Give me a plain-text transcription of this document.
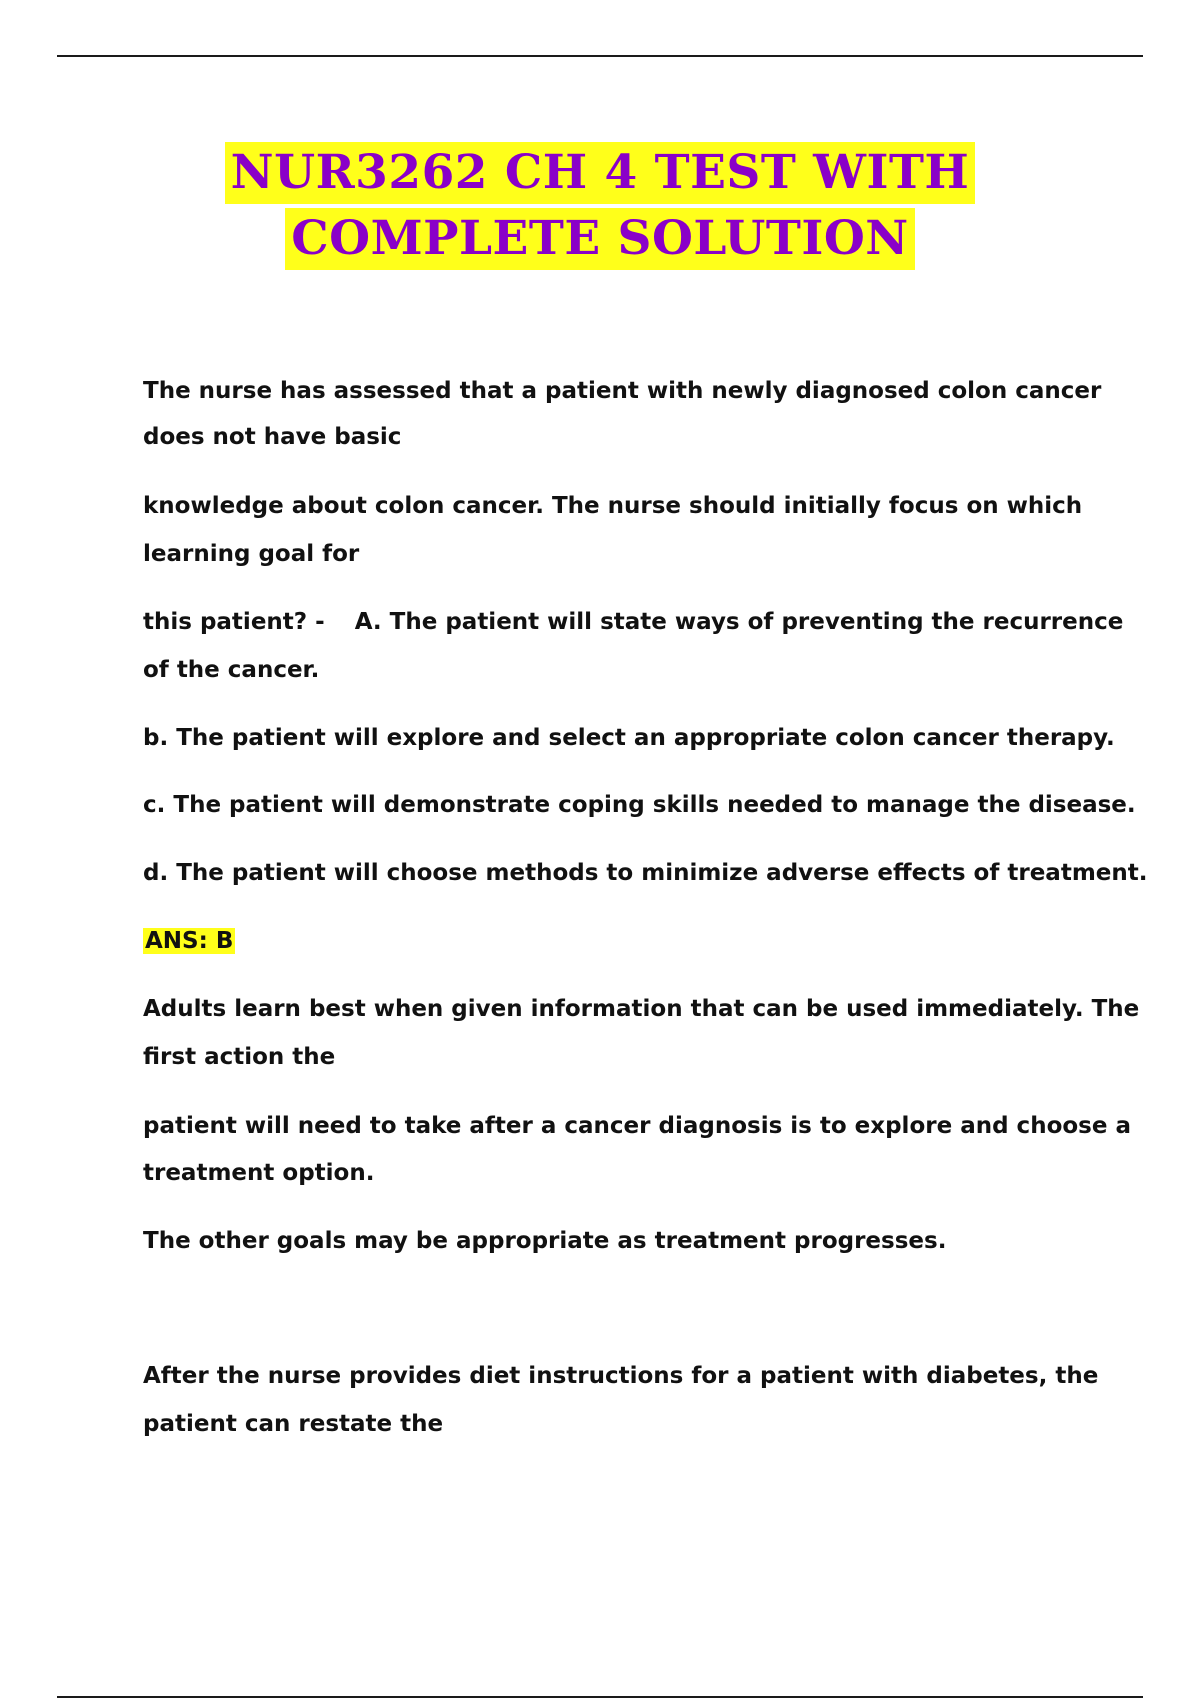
NUR3262 CH 4 TEST WITH
COMPLETE SOLUTION

The nurse has assessed that a patient with newly diagnosed colon cancer

does not have basic

knowledge about colon cancer. The nurse should initially focus on which

learning goal for

this patient? - A. The patient will state ways of preventing the recurrence

of the cancer.

b. The patient will explore and select an appropriate colon cancer therapy.

c. The patient will demonstrate coping skills needed to manage the disease.

d. The patient will choose methods to minimize adverse effects of treatment.

ANS: B

Adults learn best when given information that can be used immediately. The

first action the

patient will need to take after a cancer diagnosis is to explore and choose a

treatment option.

The other goals may be appropriate as treatment progresses.

After the nurse provides diet instructions for a patient with diabetes, the

patient can restate the
